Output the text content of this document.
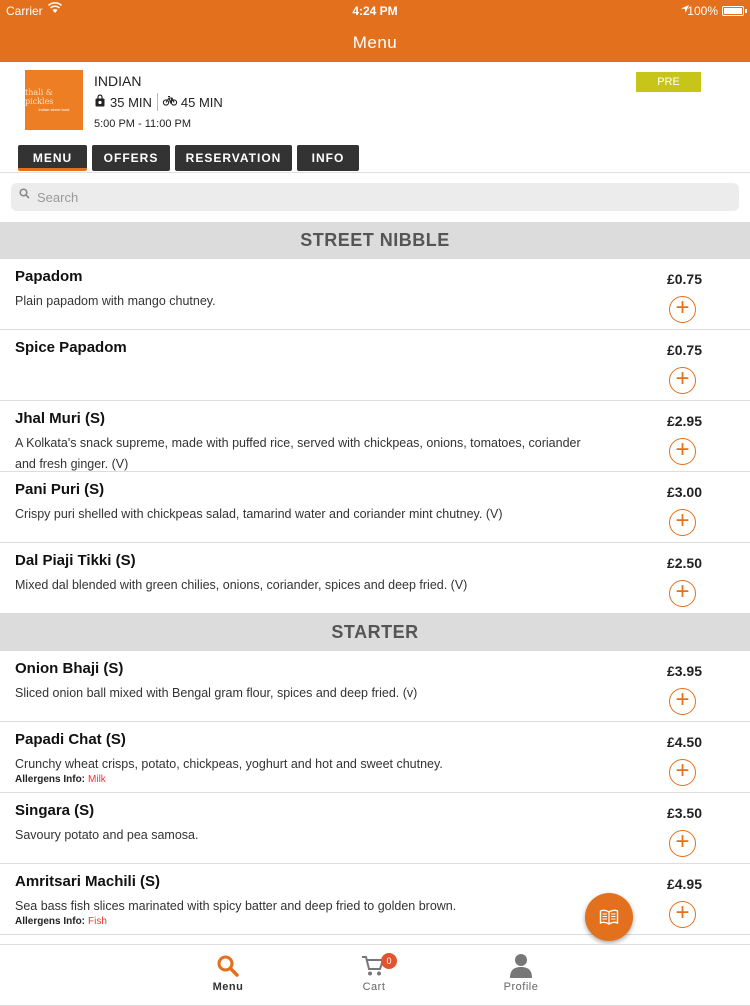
Carrier	4:24 PM	100%
Menu
thali & pickles
indian street food
INDIAN
35 MIN 45 MIN
5:00 PM - 11:00 PM
PRE ORDER
MENU	OFFERS	RESERVATION	INFO
Search
STREET NIBBLE
Papadom
Plain papadom with mango chutney.
£0.75
+
Spice Papadom	£0.75
+
Jhal Muri (S)
A Kolkata's snack supreme, made with puffed rice, served with chickpeas, onions, tomatoes, coriander and fresh ginger. (V)
£2.95
+
Pani Puri (S)
Crispy puri shelled with chickpeas salad, tamarind water and coriander mint chutney. (V)
£3.00
+
Dal Piaji Tikki (S)
Mixed dal blended with green chilies, onions, coriander, spices and deep fried. (V)
£2.50
+
STARTER
Onion Bhaji (S)
Sliced onion ball mixed with Bengal gram flour, spices and deep fried. (v)
£3.95
+
Papadi Chat (S)
Crunchy wheat crisps, potato, chickpeas, yoghurt and hot and sweet chutney.
Allergens Info: Milk
£4.50
+
Singara (S)
Savoury potato and pea samosa.
£3.50
+
Amritsari Machili (S)
Sea bass fish slices marinated with spicy batter and deep fried to golden brown.
Allergens Info: Fish
£4.95
+
Menu
0
Cart	Profile
